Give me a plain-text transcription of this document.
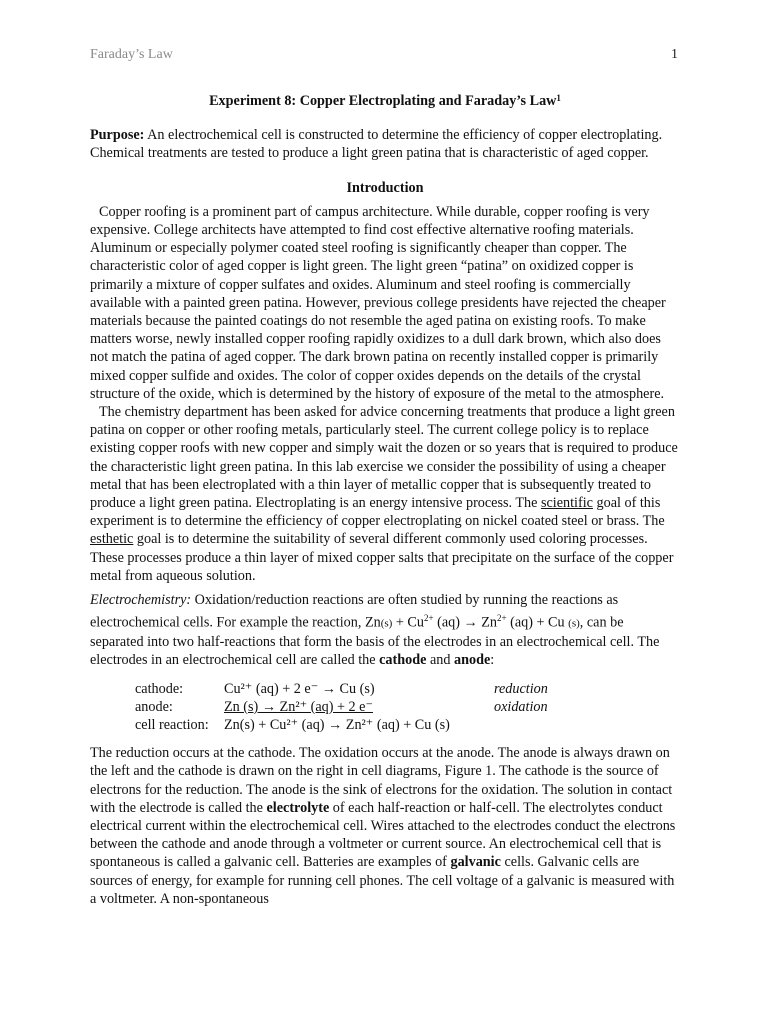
Faraday’s Law	1
Experiment 8: Copper Electroplating and Faraday’s Law$^1$

Purpose: An electrochemical cell is constructed to determine the efficiency of copper electroplating. Chemical treatments are tested to produce a light green patina that is characteristic of aged copper.

Introduction

Copper roofing is a prominent part of campus architecture. While durable, copper roofing is very expensive. College architects have attempted to find cost effective alternative roofing materials. Aluminum or especially polymer coated steel roofing is significantly cheaper than copper. The characteristic color of aged copper is light green. The light green “patina” on oxidized copper is primarily a mixture of copper sulfates and oxides. Aluminum and steel roofing is commercially available with a painted green patina. However, previous college presidents have rejected the cheaper materials because the painted coatings do not resemble the aged patina on existing roofs. To make matters worse, newly installed copper roofing rapidly oxidizes to a dull dark brown, which also does not match the patina of aged copper. The dark brown patina on recently installed copper is primarily mixed copper sulfide and oxides. The color of copper oxides depends on the details of the crystal structure of the oxide, which is determined by the history of exposure of the metal to the atmosphere.

The chemistry department has been asked for advice concerning treatments that produce a light green patina on copper or other roofing metals, particularly steel. The current college policy is to replace existing copper roofs with new copper and simply wait the dozen or so years that is required to produce the characteristic light green patina. In this lab exercise we consider the possibility of using a cheaper metal that has been electroplated with a thin layer of metallic copper that is subsequently treated to produce a light green patina. Electroplating is an energy intensive process. The scientific goal of this experiment is to determine the efficiency of copper electroplating on nickel coated steel or brass. The esthetic goal is to determine the suitability of several different commonly used coloring processes. These processes produce a thin layer of mixed copper salts that precipitate on the surface of the copper metal from aqueous solution.

Electrochemistry: Oxidation/reduction reactions are often studied by running the reactions as electrochemical cells. For example the reaction, $Zn(s) + Cu^{2+}$ $(aq) \to Zn^{2+}$ (aq) + Cu (s), can be separated into two half-reactions that form the basis of the electrodes in an electrochemical cell. The electrodes in an electrochemical cell are called the cathode and anode:

cathode:	Cu²⁺ (aq) + 2 e⁻ → Cu (s)	reduction
anode:	Zn (s) → Zn²⁺ (aq) + 2 e⁻	oxidation
cell reaction:	Zn(s) + Cu²⁺ (aq) → Zn²⁺ (aq) + Cu (s)	

The reduction occurs at the cathode. The oxidation occurs at the anode. The anode is always drawn on the left and the cathode is drawn on the right in cell diagrams, Figure 1. The cathode is the source of electrons for the reduction. The anode is the sink of electrons for the oxidation. The solution in contact with the electrode is called the electrolyte of each half-reaction or half-cell. The electrolytes conduct electrical current within the electrochemical cell. Wires attached to the electrodes conduct the electrons between the cathode and anode through a voltmeter or current source. An electrochemical cell that is spontaneous is called a galvanic cell. Batteries are examples of galvanic cells. Galvanic cells are sources of energy, for example for running cell phones. The cell voltage of a galvanic is measured with a voltmeter. A non-spontaneous
